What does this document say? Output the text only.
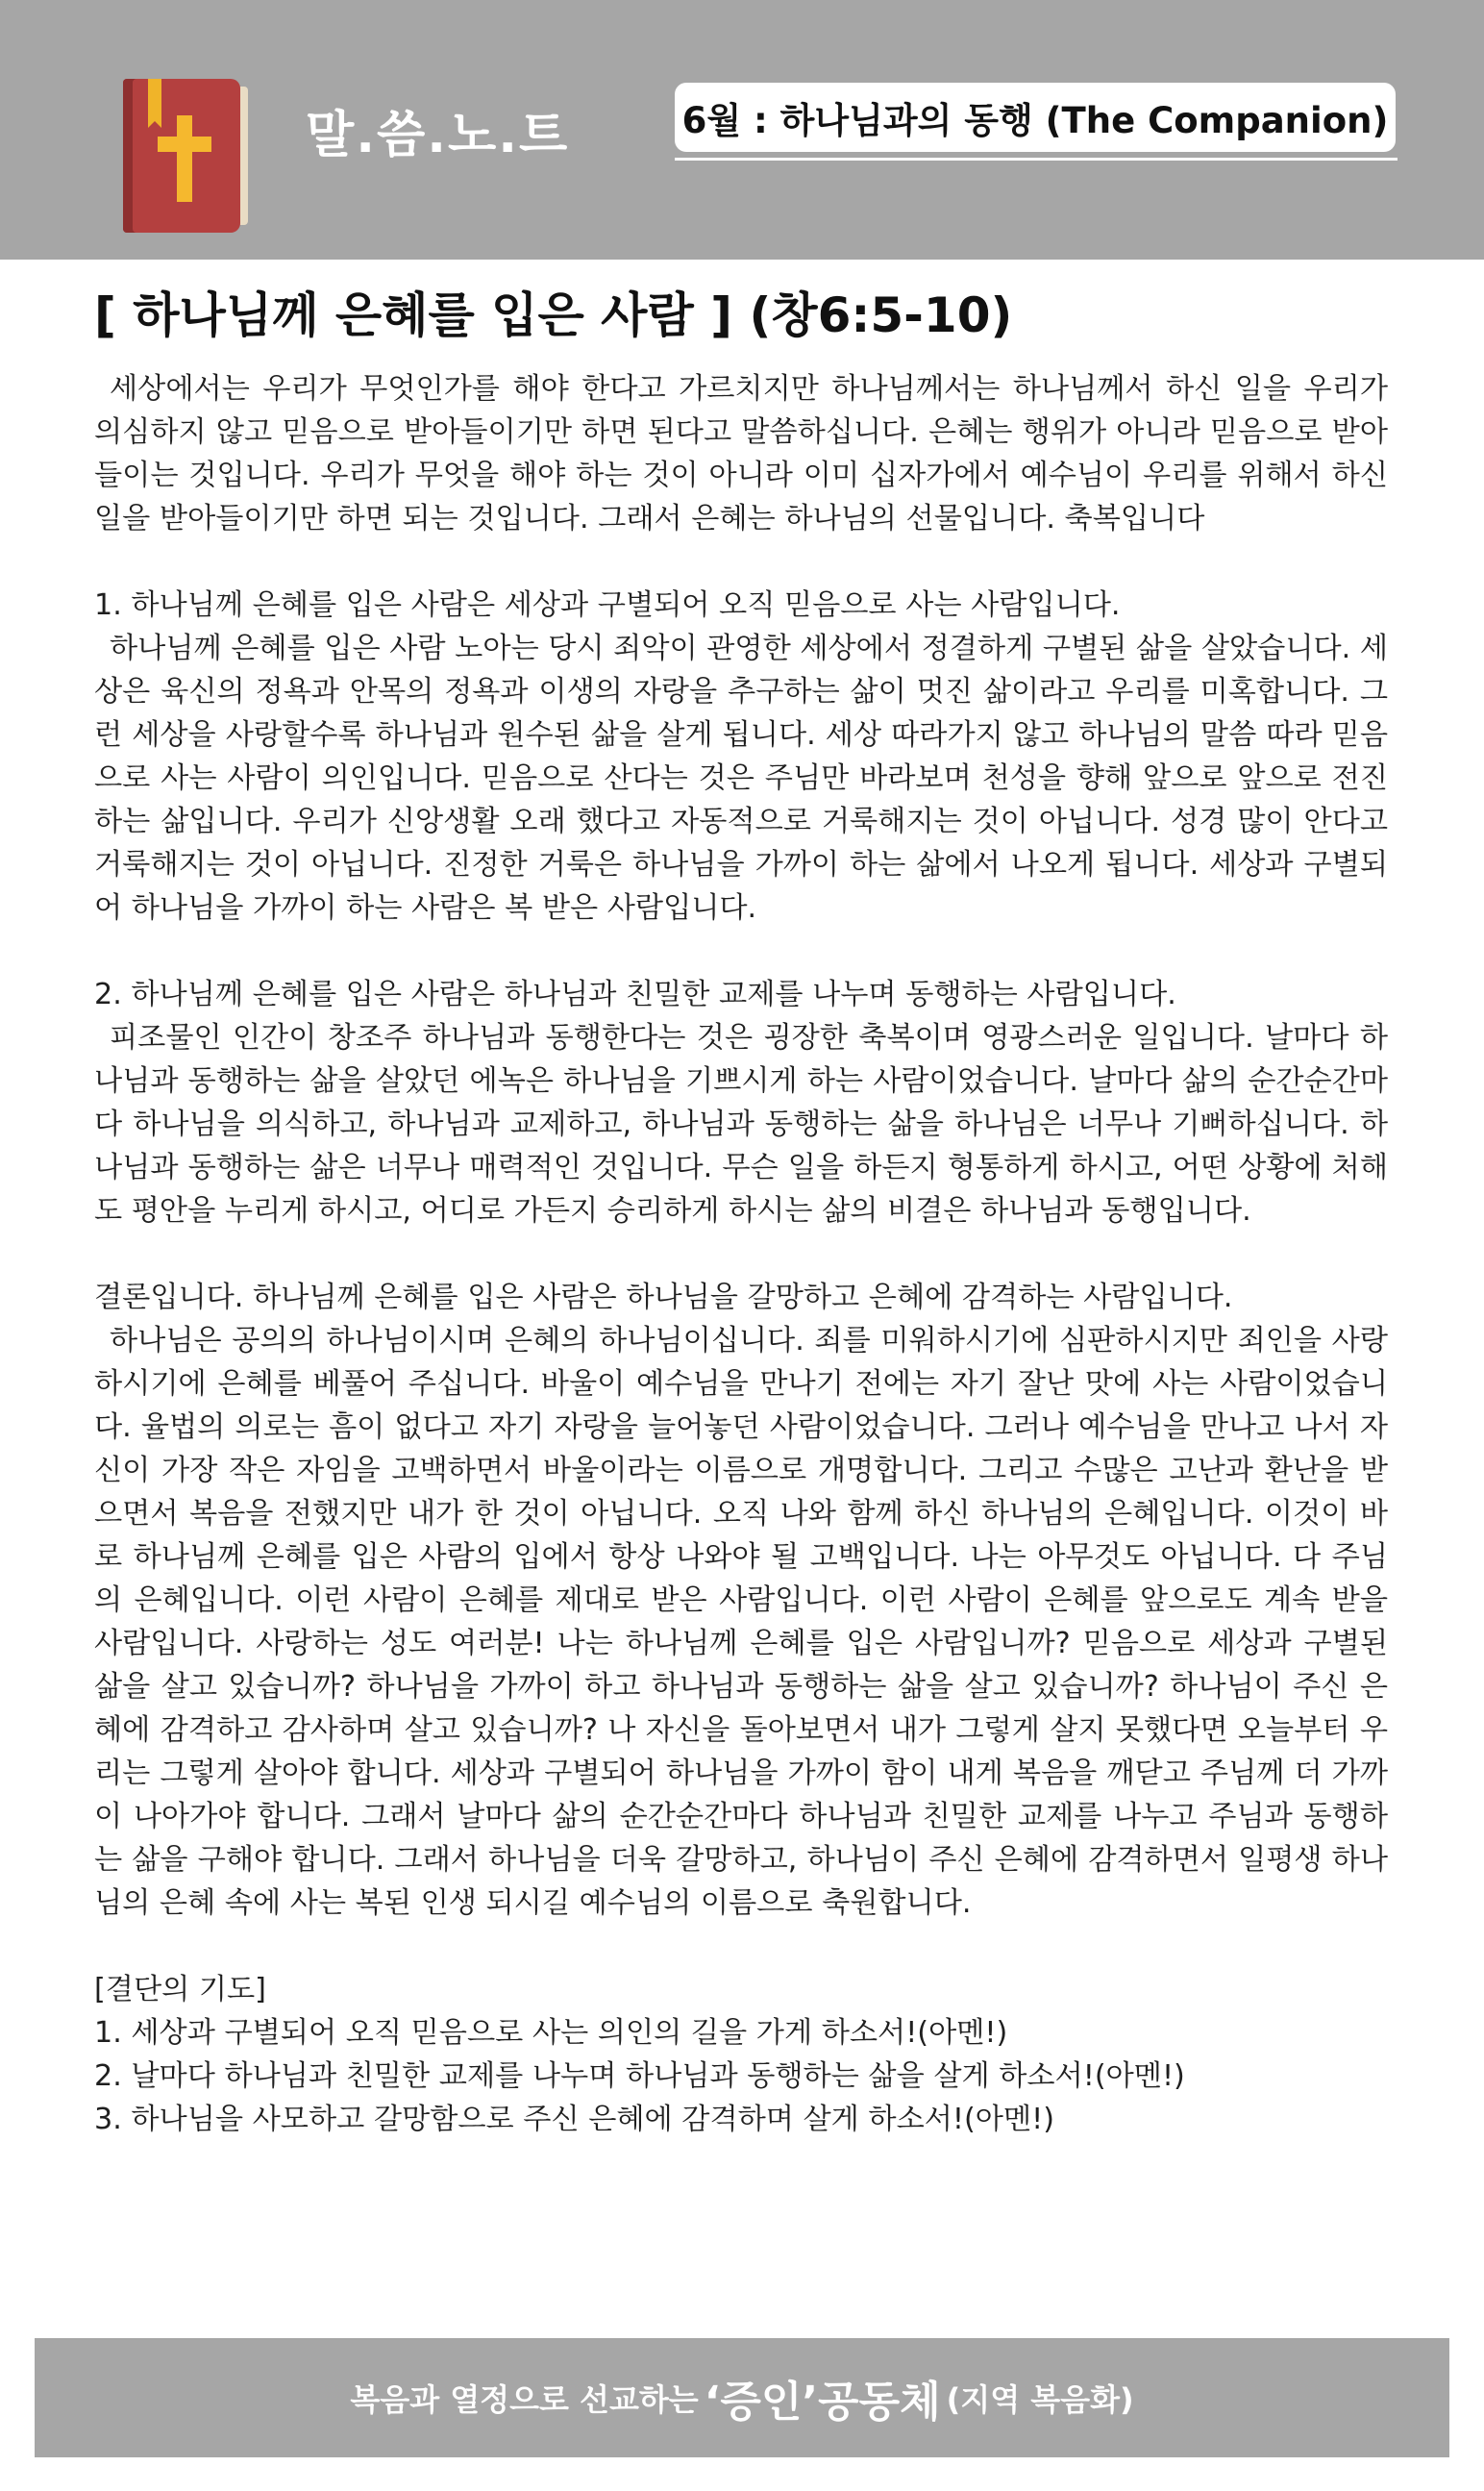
말.씀.노.트	6월 : 하나님과의 동행 (The Companion)
[ 하나님께 은혜를 입은 사람 ] (창6:5-10)

세상에서는 우리가 무엇인가를 해야 한다고 가르치지만 하나님께서는 하나님께서 하신 일을 우리가 의심하지 않고 믿음으로 받아들이기만 하면 된다고 말씀하십니다. 은혜는 행위가 아니라 믿음으로 받아들이는 것입니다. 우리가 무엇을 해야 하는 것이 아니라 이미 십자가에서 예수님이 우리를 위해서 하신 일을 받아들이기만 하면 되는 것입니다. 그래서 은혜는 하나님의 선물입니다. 축복입니다

1. 하나님께 은혜를 입은 사람은 세상과 구별되어 오직 믿음으로 사는 사람입니다.

하나님께 은혜를 입은 사람 노아는 당시 죄악이 관영한 세상에서 정결하게 구별된 삶을 살았습니다. 세상은 육신의 정욕과 안목의 정욕과 이생의 자랑을 추구하는 삶이 멋진 삶이라고 우리를 미혹합니다. 그런 세상을 사랑할수록 하나님과 원수된 삶을 살게 됩니다. 세상 따라가지 않고 하나님의 말씀 따라 믿음으로 사는 사람이 의인입니다. 믿음으로 산다는 것은 주님만 바라보며 천성을 향해 앞으로 앞으로 전진하는 삶입니다. 우리가 신앙생활 오래 했다고 자동적으로 거룩해지는 것이 아닙니다. 성경 많이 안다고 거룩해지는 것이 아닙니다. 진정한 거룩은 하나님을 가까이 하는 삶에서 나오게 됩니다. 세상과 구별되어 하나님을 가까이 하는 사람은 복 받은 사람입니다.

2. 하나님께 은혜를 입은 사람은 하나님과 친밀한 교제를 나누며 동행하는 사람입니다.

피조물인 인간이 창조주 하나님과 동행한다는 것은 굉장한 축복이며 영광스러운 일입니다. 날마다 하나님과 동행하는 삶을 살았던 에녹은 하나님을 기쁘시게 하는 사람이었습니다. 날마다 삶의 순간순간마다 하나님을 의식하고, 하나님과 교제하고, 하나님과 동행하는 삶을 하나님은 너무나 기뻐하십니다. 하나님과 동행하는 삶은 너무나 매력적인 것입니다. 무슨 일을 하든지 형통하게 하시고, 어떤 상황에 처해도 평안을 누리게 하시고, 어디로 가든지 승리하게 하시는 삶의 비결은 하나님과 동행입니다.

결론입니다. 하나님께 은혜를 입은 사람은 하나님을 갈망하고 은혜에 감격하는 사람입니다.

하나님은 공의의 하나님이시며 은혜의 하나님이십니다. 죄를 미워하시기에 심판하시지만 죄인을 사랑하시기에 은혜를 베풀어 주십니다. 바울이 예수님을 만나기 전에는 자기 잘난 맛에 사는 사람이었습니다. 율법의 의로는 흠이 없다고 자기 자랑을 늘어놓던 사람이었습니다. 그러나 예수님을 만나고 나서 자신이 가장 작은 자임을 고백하면서 바울이라는 이름으로 개명합니다. 그리고 수많은 고난과 환난을 받으면서 복음을 전했지만 내가 한 것이 아닙니다. 오직 나와 함께 하신 하나님의 은혜입니다. 이것이 바로 하나님께 은혜를 입은 사람의 입에서 항상 나와야 될 고백입니다. 나는 아무것도 아닙니다. 다 주님의 은혜입니다. 이런 사람이 은혜를 제대로 받은 사람입니다. 이런 사람이 은혜를 앞으로도 계속 받을 사람입니다. 사랑하는 성도 여러분! 나는 하나님께 은혜를 입은 사람입니까? 믿음으로 세상과 구별된 삶을 살고 있습니까? 하나님을 가까이 하고 하나님과 동행하는 삶을 살고 있습니까? 하나님이 주신 은혜에 감격하고 감사하며 살고 있습니까? 나 자신을 돌아보면서 내가 그렇게 살지 못했다면 오늘부터 우리는 그렇게 살아야 합니다. 세상과 구별되어 하나님을 가까이 함이 내게 복음을 깨닫고 주님께 더 가까이 나아가야 합니다. 그래서 날마다 삶의 순간순간마다 하나님과 친밀한 교제를 나누고 주님과 동행하는 삶을 구해야 합니다. 그래서 하나님을 더욱 갈망하고, 하나님이 주신 은혜에 감격하면서 일평생 하나님의 은혜 속에 사는 복된 인생 되시길 예수님의 이름으로 축원합니다.

[결단의 기도]

1. 세상과 구별되어 오직 믿음으로 사는 의인의 길을 가게 하소서!(아멘!)

2. 날마다 하나님과 친밀한 교제를 나누며 하나님과 동행하는 삶을 살게 하소서!(아멘!)

3. 하나님을 사모하고 갈망함으로 주신 은혜에 감격하며 살게 하소서!(아멘!)

복음과 열정으로 선교하는 ‘증인’공동체 (지역 복음화)
